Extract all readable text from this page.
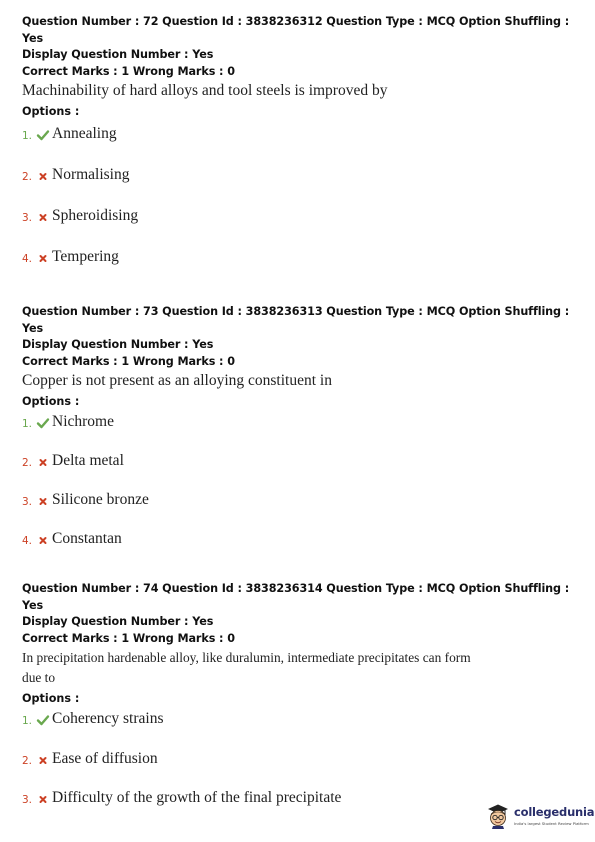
Question Number : 72 Question Id : 3838236312 Question Type : MCQ Option Shuffling : Yes
Display Question Number : Yes
Correct Marks : 1 Wrong Marks : 0
Machinability of hard alloys and tool steels is improved by
Options :
1. Annealing
2. Normalising
3. Spheroidising
4. Tempering
Question Number : 73 Question Id : 3838236313 Question Type : MCQ Option Shuffling : Yes
Display Question Number : Yes
Correct Marks : 1 Wrong Marks : 0
Copper is not present as an alloying constituent in
Options :
1. Nichrome
2. Delta metal
3. Silicone bronze
4. Constantan
Question Number : 74 Question Id : 3838236314 Question Type : MCQ Option Shuffling : Yes
Display Question Number : Yes
Correct Marks : 1 Wrong Marks : 0
In precipitation hardenable alloy, like duralumin, intermediate precipitates can form
due to
Options :
1. Coherency strains
2. Ease of diffusion
3. Difficulty of the growth of the final precipitate
collegedunia
India's largest Student Review Platform
